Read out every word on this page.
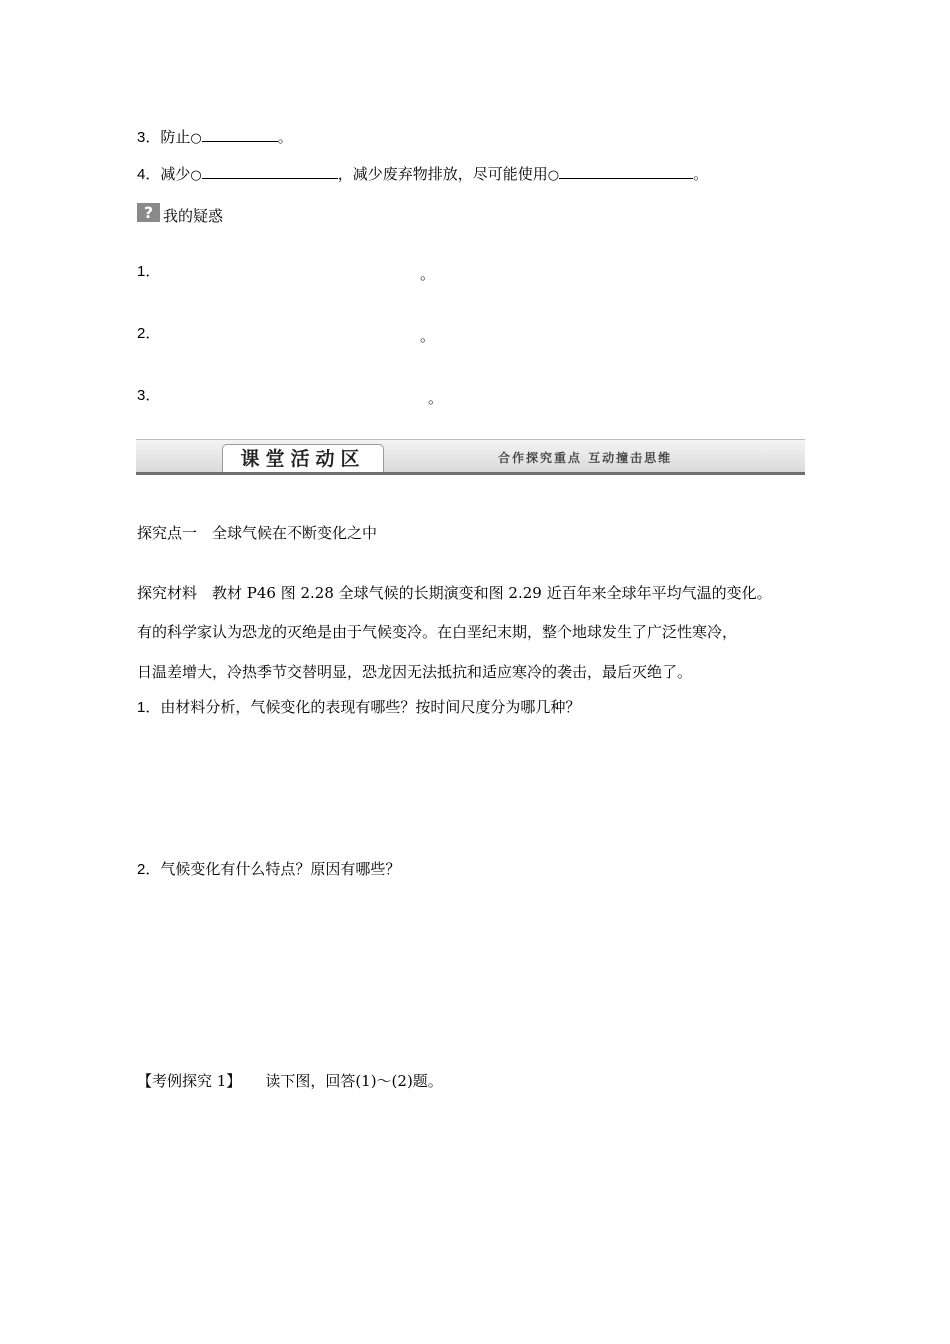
3．防止○	。
4．减少○	，减少废弃物排放，尽可能使用○	。
? 我的疑惑
1．	。
2．	。
3．	。
课堂活动区	合作探究重点 互动撞击思维
探究点一　全球气候在不断变化之中
探究材料　教材 P46 图 2.28 全球气候的长期演变和图 2.29 近百年来全球年平均气温的变化。
有的科学家认为恐龙的灭绝是由于气候变冷。在白垩纪末期，整个地球发生了广泛性寒冷，
日温差增大，冷热季节交替明显，恐龙因无法抵抗和适应寒冷的袭击，最后灭绝了。
1．由材料分析，气候变化的表现有哪些？按时间尺度分为哪几种？
2．气候变化有什么特点？原因有哪些？
【考例探究 1】 读下图，回答(1)～(2)题。
